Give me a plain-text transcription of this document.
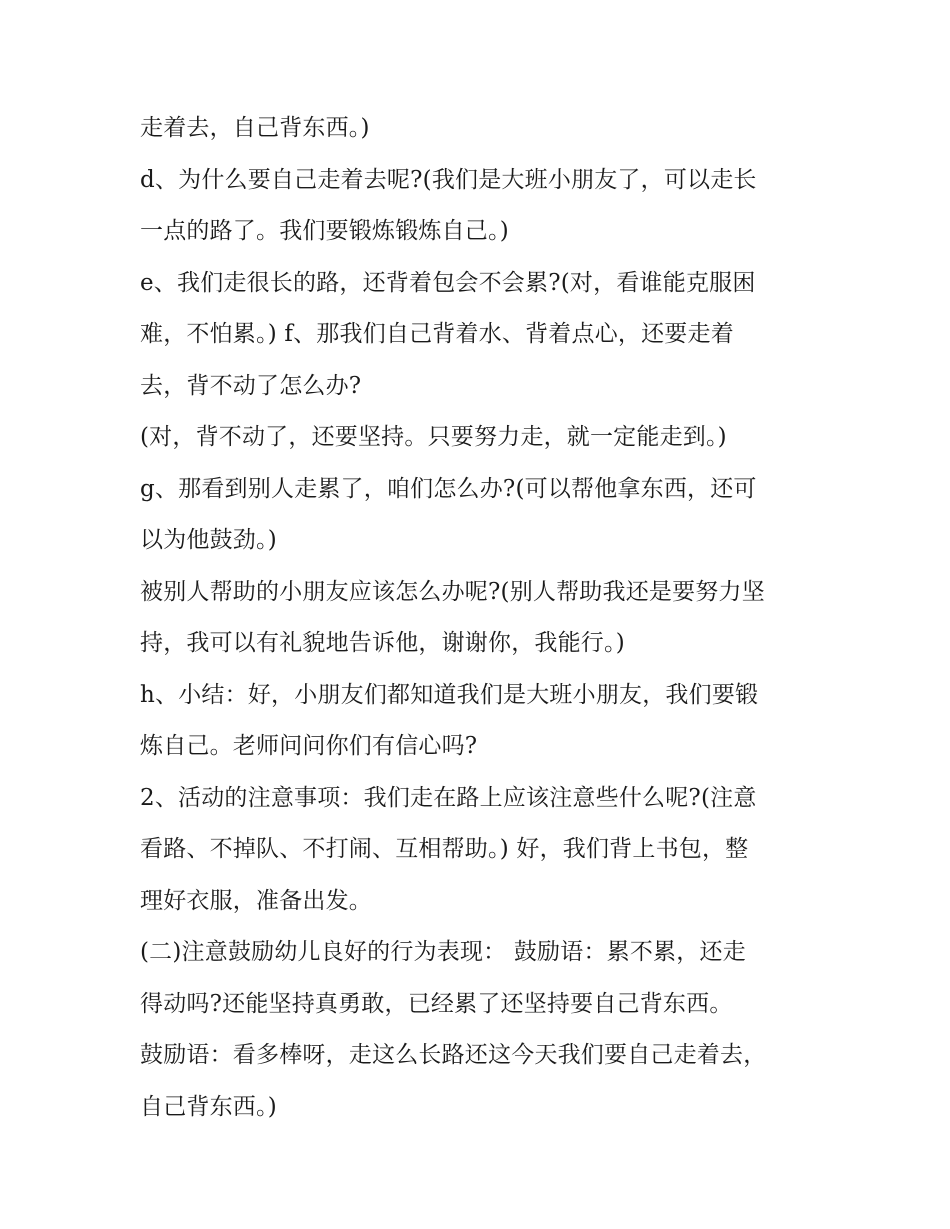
走着去，自己背东西。)

d、为什么要自己走着去呢?(我们是大班小朋友了，可以走长

一点的路了。我们要锻炼锻炼自己。)

e、我们走很长的路，还背着包会不会累?(对，看谁能克服困

难，不怕累。) f、那我们自己背着水、背着点心，还要走着

去，背不动了怎么办?

(对，背不动了，还要坚持。只要努力走，就一定能走到。)

g、那看到别人走累了，咱们怎么办?(可以帮他拿东西，还可

以为他鼓劲。)

被别人帮助的小朋友应该怎么办呢?(别人帮助我还是要努力坚

持，我可以有礼貌地告诉他，谢谢你，我能行。)

h、小结：好，小朋友们都知道我们是大班小朋友，我们要锻

炼自己。老师问问你们有信心吗?

2、活动的注意事项：我们走在路上应该注意些什么呢?(注意

看路、不掉队、不打闹、互相帮助。) 好，我们背上书包，整

理好衣服，准备出发。

(二)注意鼓励幼儿良好的行为表现： 鼓励语：累不累，还走

得动吗?还能坚持真勇敢，已经累了还坚持要自己背东西。

鼓励语：看多棒呀，走这么长路还这今天我们要自己走着去，

自己背东西。)
